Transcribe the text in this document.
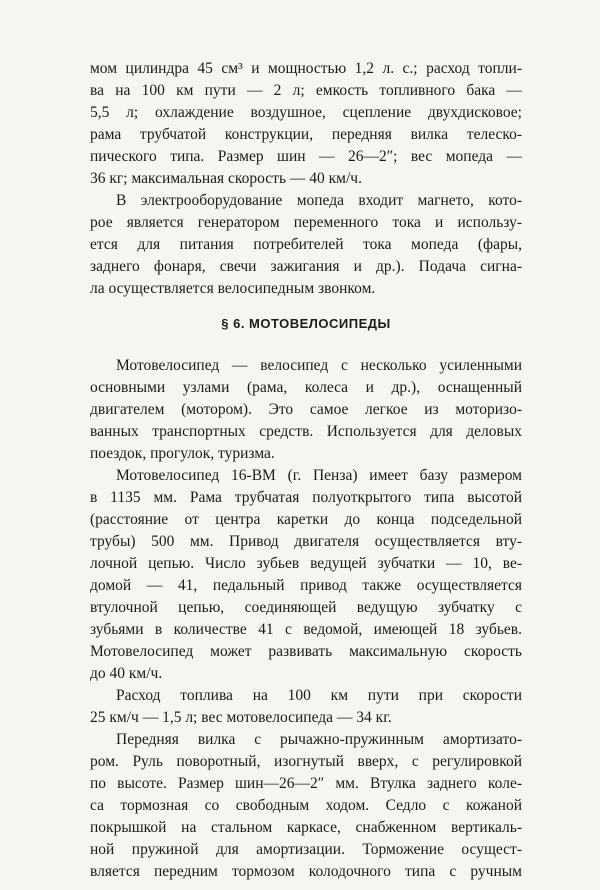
мом цилиндра 45 см³ и мощностью 1,2 л. с.; расход топли-
ва на 100 км пути — 2 л; емкость топливного бака —
5,5 л; охлаждение воздушное, сцепление двухдисковое;
рама трубчатой конструкции, передняя вилка телеско-
пического типа. Размер шин — 26—2″; вес мопеда —
36 кг; максимальная скорость — 40 км/ч.
В электрооборудование мопеда входит магнето, кото-
рое является генератором переменного тока и использу-
ется для питания потребителей тока мопеда (фары,
заднего фонаря, свечи зажигания и др.). Подача сигна-
ла осуществляется велосипедным звонком.
§ 6. МОТОВЕЛОСИПЕДЫ
Мотовелосипед — велосипед с несколько усиленными
основными узлами (рама, колеса и др.), оснащенный
двигателем (мотором). Это самое легкое из моторизо-
ванных транспортных средств. Используется для деловых
поездок, прогулок, туризма.
Мотовелосипед 16-ВМ (г. Пенза) имеет базу размером
в 1135 мм. Рама трубчатая полуоткрытого типа высотой
(расстояние от центра каретки до конца подседельной
трубы) 500 мм. Привод двигателя осуществляется вту-
лочной цепью. Число зубьев ведущей зубчатки — 10, ве-
домой — 41, педальный привод также осуществляется
втулочной цепью, соединяющей ведущую зубчатку с
зубьями в количестве 41 с ведомой, имеющей 18 зубьев.
Мотовелосипед может развивать максимальную скорость
до 40 км/ч.
Расход топлива на 100 км пути при скорости
25 км/ч — 1,5 л; вес мотовелосипеда — 34 кг.
Передняя вилка с рычажно-пружинным амортизато-
ром. Руль поворотный, изогнутый вверх, с регулировкой
по высоте. Размер шин—26—2″ мм. Втулка заднего коле-
са тормозная со свободным ходом. Седло с кожаной
покрышкой на стальном каркасе, снабженном вертикаль-
ной пружиной для амортизации. Торможение осущест-
вляется передним тормозом колодочного типа с ручным
